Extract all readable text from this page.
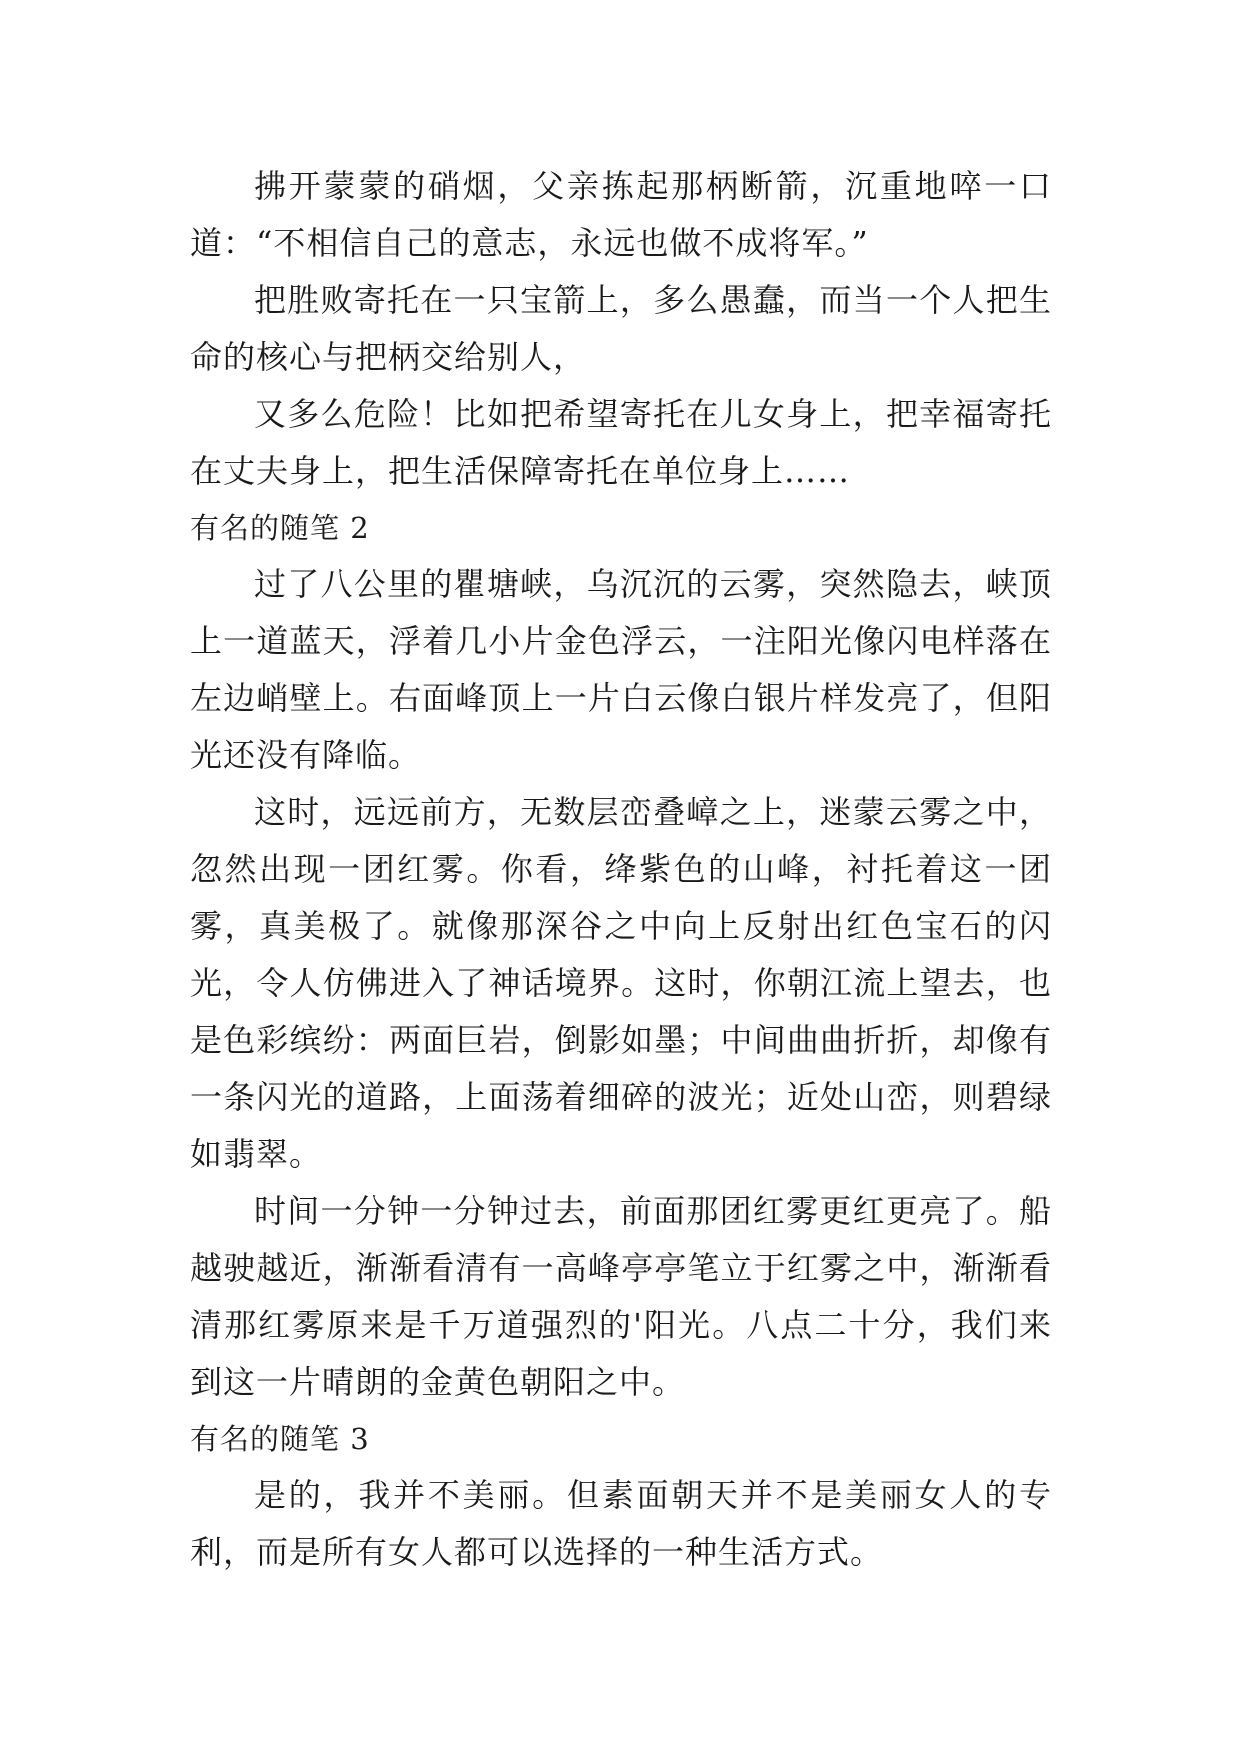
拂开蒙蒙的硝烟，父亲拣起那柄断箭，沉重地啐一口道：“不相信自己的意志，永远也做不成将军。”

把胜败寄托在一只宝箭上，多么愚蠢，而当一个人把生命的核心与把柄交给别人，

又多么危险！比如把希望寄托在儿女身上，把幸福寄托在丈夫身上，把生活保障寄托在单位身上……

有名的随笔 2

过了八公里的瞿塘峡，乌沉沉的云雾，突然隐去，峡顶上一道蓝天，浮着几小片金色浮云，一注阳光像闪电样落在左边峭壁上。右面峰顶上一片白云像白银片样发亮了，但阳光还没有降临。

这时，远远前方，无数层峦叠嶂之上，迷蒙云雾之中，忽然出现一团红雾。你看，绛紫色的山峰，衬托着这一团雾，真美极了。就像那深谷之中向上反射出红色宝石的闪光，令人仿佛进入了神话境界。这时，你朝江流上望去，也是色彩缤纷：两面巨岩，倒影如墨；中间曲曲折折，却像有一条闪光的道路，上面荡着细碎的波光；近处山峦，则碧绿如翡翠。

时间一分钟一分钟过去，前面那团红雾更红更亮了。船越驶越近，渐渐看清有一高峰亭亭笔立于红雾之中，渐渐看清那红雾原来是千万道强烈的'阳光。八点二十分，我们来到这一片晴朗的金黄色朝阳之中。

有名的随笔 3

是的，我并不美丽。但素面朝天并不是美丽女人的专利，而是所有女人都可以选择的一种生活方式。
